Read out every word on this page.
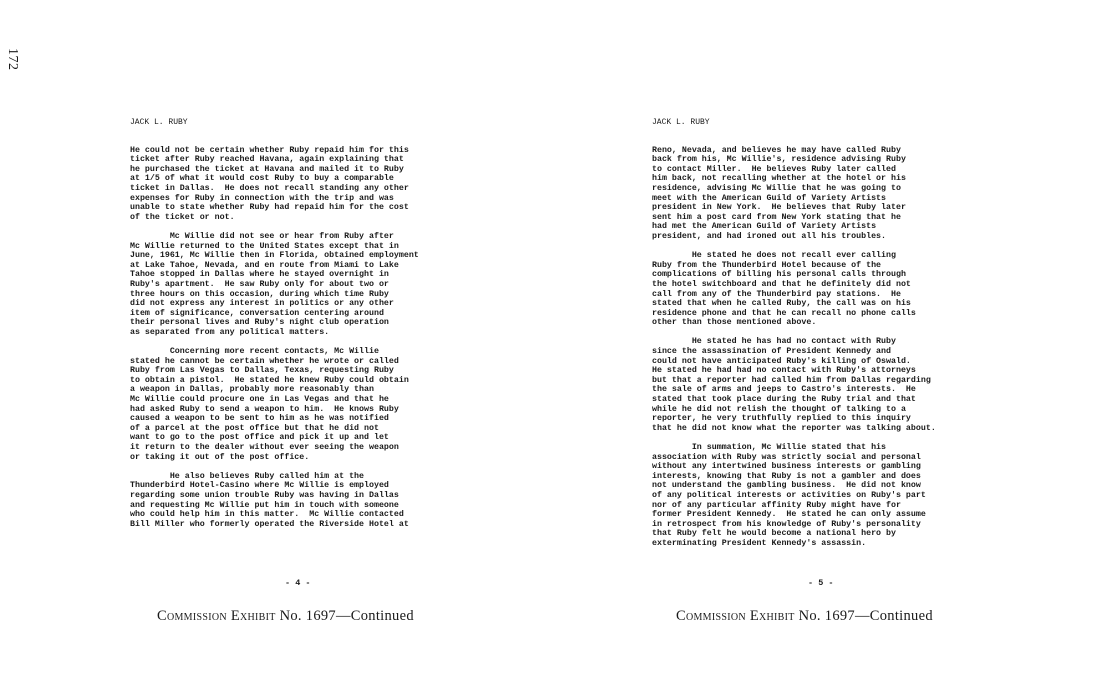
172
JACK L. RUBY

He could not be certain whether Ruby repaid him for this
ticket after Ruby reached Havana, again explaining that
he purchased the ticket at Havana and mailed it to Ruby
at 1/5 of what it would cost Ruby to buy a comparable
ticket in Dallas.  He does not recall standing any other
expenses for Ruby in connection with the trip and was
unable to state whether Ruby had repaid him for the cost
of the ticket or not.

Mc Willie did not see or hear from Ruby after
Mc Willie returned to the United States except that in
June, 1961, Mc Willie then in Florida, obtained employment
at Lake Tahoe, Nevada, and en route from Miami to Lake
Tahoe stopped in Dallas where he stayed overnight in
Ruby's apartment.  He saw Ruby only for about two or
three hours on this occasion, during which time Ruby
did not express any interest in politics or any other
item of significance, conversation centering around
their personal lives and Ruby's night club operation
as separated from any political matters.

Concerning more recent contacts, Mc Willie
stated he cannot be certain whether he wrote or called
Ruby from Las Vegas to Dallas, Texas, requesting Ruby
to obtain a pistol.  He stated he knew Ruby could obtain
a weapon in Dallas, probably more reasonably than
Mc Willie could procure one in Las Vegas and that he
had asked Ruby to send a weapon to him.  He knows Ruby
caused a weapon to be sent to him as he was notified
of a parcel at the post office but that he did not
want to go to the post office and pick it up and let
it return to the dealer without ever seeing the weapon
or taking it out of the post office.

He also believes Ruby called him at the
Thunderbird Hotel-Casino where Mc Willie is employed
regarding some union trouble Ruby was having in Dallas
and requesting Mc Willie put him in touch with someone
who could help him in this matter.  Mc Willie contacted
Bill Miller who formerly operated the Riverside Hotel at

- 4 -
Commission Exhibit No. 1697—Continued
JACK L. RUBY

Reno, Nevada, and believes he may have called Ruby
back from his, Mc Willie's, residence advising Ruby
to contact Miller.  He believes Ruby later called
him back, not recalling whether at the hotel or his
residence, advising Mc Willie that he was going to
meet with the American Guild of Variety Artists
president in New York.  He believes that Ruby later
sent him a post card from New York stating that he
had met the American Guild of Variety Artists
president, and had ironed out all his troubles.

He stated he does not recall ever calling
Ruby from the Thunderbird Hotel because of the
complications of billing his personal calls through
the hotel switchboard and that he definitely did not
call from any of the Thunderbird pay stations.  He
stated that when he called Ruby, the call was on his
residence phone and that he can recall no phone calls
other than those mentioned above.

He stated he has had no contact with Ruby
since the assassination of President Kennedy and
could not have anticipated Ruby's killing of Oswald.
He stated he had had no contact with Ruby's attorneys
but that a reporter had called him from Dallas regarding
the sale of arms and jeeps to Castro's interests.  He
stated that took place during the Ruby trial and that
while he did not relish the thought of talking to a
reporter, he very truthfully replied to this inquiry
that he did not know what the reporter was talking about.

In summation, Mc Willie stated that his
association with Ruby was strictly social and personal
without any intertwined business interests or gambling
interests, knowing that Ruby is not a gambler and does
not understand the gambling business.  He did not know
of any political interests or activities on Ruby's part
nor of any particular affinity Ruby might have for
former President Kennedy.  He stated he can only assume
in retrospect from his knowledge of Ruby's personality
that Ruby felt he would become a national hero by
exterminating President Kennedy's assassin.

- 5 -
Commission Exhibit No. 1697—Continued
